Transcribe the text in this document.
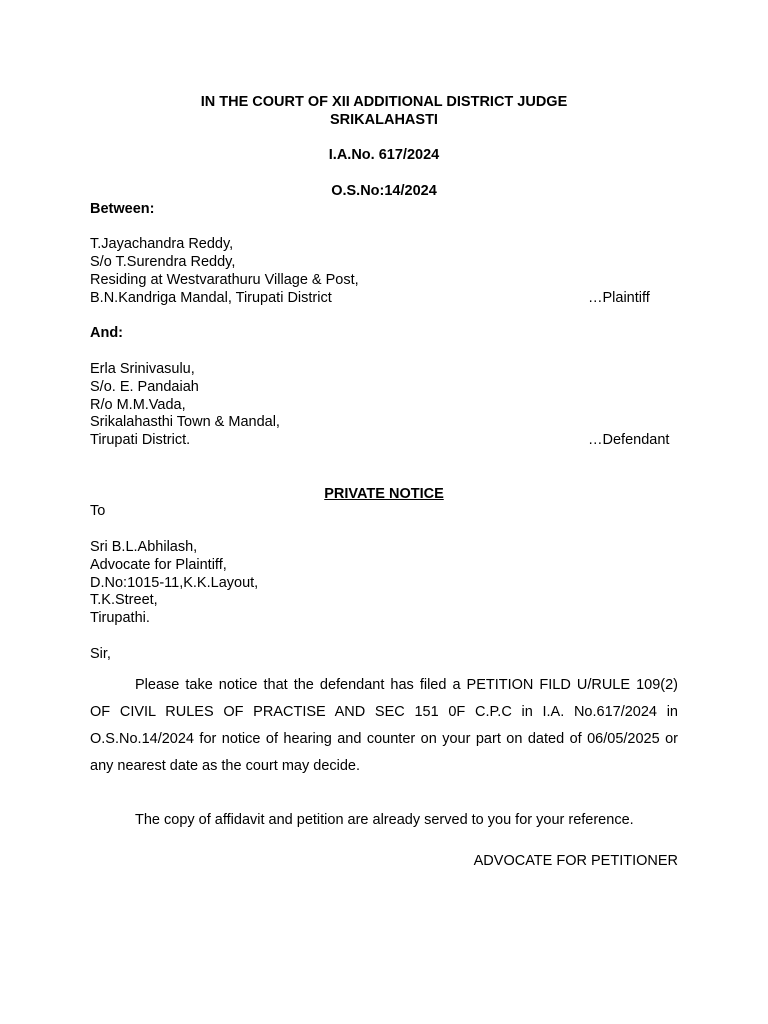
IN THE COURT OF XII ADDITIONAL DISTRICT JUDGE
SRIKALAHASTI
I.A.No. 617/2024
O.S.No:14/2024
Between:
T.Jayachandra Reddy,
S/o T.Surendra Reddy,
Residing at Westvarathuru Village & Post,
B.N.Kandriga Mandal, Tirupati District	…Plaintiff
And:
Erla Srinivasulu,
S/o. E. Pandaiah
R/o M.M.Vada,
Srikalahasthi Town & Mandal,
Tirupati District.	…Defendant
PRIVATE NOTICE
To
Sri B.L.Abhilash,
Advocate for Plaintiff,
D.No:1015-11,K.K.Layout,
T.K.Street,
Tirupathi.
Sir,
Please take notice that the defendant has filed a PETITION FILD U/RULE 109(2) OF CIVIL RULES OF PRACTISE AND SEC 151 0F C.P.C in I.A. No.617/2024 in O.S.No.14/2024 for notice of hearing and counter on your part on dated of 06/05/2025 or any nearest date as the court may decide.
The copy of affidavit and petition are already served to you for your reference.
ADVOCATE FOR PETITIONER
